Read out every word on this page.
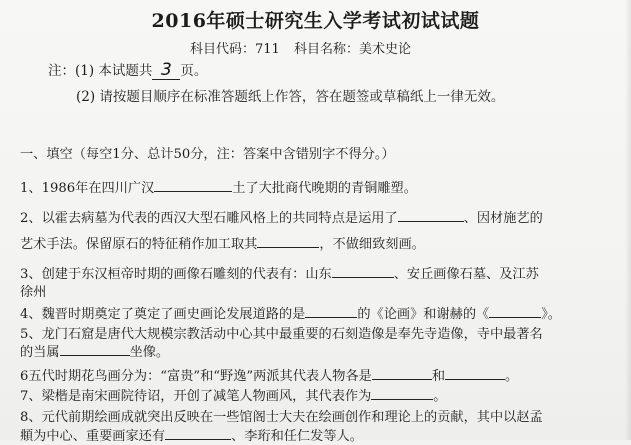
2016年硕士研究生入学考试初试试题
科目代码：711 科目名称：美术史论
注：(1) 本试题共 3 页。
(2) 请按题目顺序在标准答题纸上作答，答在题签或草稿纸上一律无效。
一、填空（每空1分、总计50分，注：答案中含错别字不得分。）
1、1986年在四川广汉	土了大批商代晚期的青铜雕塑。
2、以霍去病墓为代表的西汉大型石雕风格上的共同特点是运用了	、因材施艺的
艺术手法。保留原石的特征稍作加工取其	，不做细致刻画。
3、创建于东汉桓帝时期的画像石雕刻的代表有：山东	、安丘画像石墓、及江苏
徐州
4、魏晋时期奠定了奠定了画史画论发展道路的是	的《论画》和谢赫的《	》。
5、龙门石窟是唐代大规模宗教活动中心其中最重要的石刻造像是奉先寺造像，寺中最著名
的当属	坐像。
6五代时期花鸟画分为：“富贵”和“野逸”两派其代表人物各是	和	。
7、梁楷是南宋画院待诏，开创了减笔人物画风，其代表作为	。
8、元代前期绘画成就突出反映在一些馆阁士大夫在绘画创作和理论上的贡献，其中以赵孟
頫为中心、重要画家还有	、李珩和任仁发等人。
